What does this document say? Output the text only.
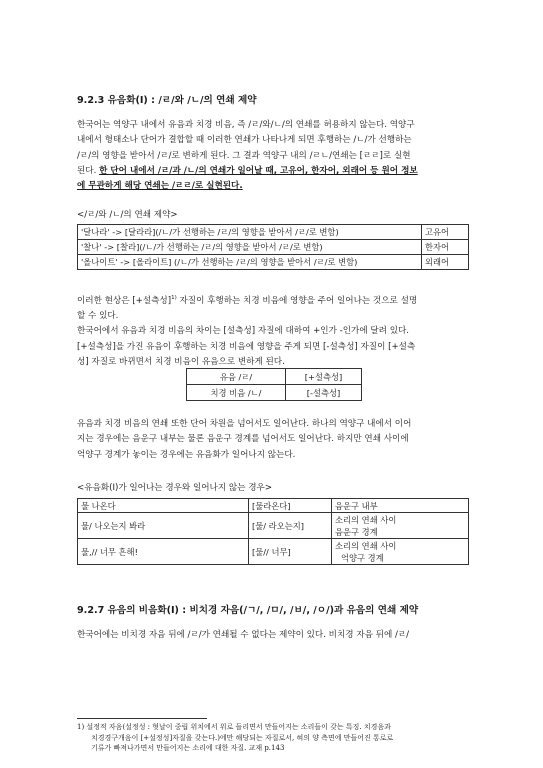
9.2.3 유음화(Ⅰ) : /ㄹ/와 /ㄴ/의 연쇄 제약

한국어는 역양구 내에서 유음과 치경 비음, 즉 /ㄹ/와/ㄴ/의 연쇄를 허용하지 않는다. 역양구
내에서 형태소나 단어가 결합할 때 이러한 연쇄가 나타나게 되면 후행하는 /ㄴ/가 선행하는
/ㄹ/의 영향을 받아서 /ㄹ/로 변하게 된다. 그 결과 역양구 내의 /ㄹㄴ/연쇄는 [ㄹㄹ]로 실현
된다. 한 단어 내에서 /ㄹ/과 /ㄴ/의 연쇄가 일어날 때, 고유어, 한자어, 외래어 등 원어 정보
에 무관하게 해당 연쇄는 /ㄹㄹ/로 실현된다.

</ㄹ/와 /ㄴ/의 연쇄 제약>
'달나라' -> [달라라](/ㄴ/가 선행하는 /ㄹ/의 영향을 받아서 /ㄹ/로 변함)	고유어
'찰나' -> [찰라](/ㄴ/가 선행하는 /ㄹ/의 영향을 받아서 /ㄹ/로 변함)	한자어
'올나이트' -> [올라이트] (/ㄴ/가 선행하는 /ㄹ/의 영향을 받아서 /ㄹ/로 변함)	외래어

이러한 현상은 [+설측성]$^{1)}$ 자질이 후행하는 치경 비음에 영향을 주어 일어나는 것으로 설명
할 수 있다.
한국어에서 유음과 치경 비음의 차이는 [설측성] 자질에 대하여 +인가 -인가에 달려 있다.
[+설측성]을 가진 유음이 후행하는 치경 비음에 영향을 주게 되면 [-설측성] 자질이 [+설측
성] 자질로 바뀌면서 치경 비음이 유음으로 변하게 된다.

유음 /ㄹ/	[+설측성]
치경 비음 /ㄴ/	[-설측성]

유음과 치경 비음의 연쇄 또한 단어 차원을 넘어서도 일어난다. 하나의 역양구 내에서 이어
지는 경우에는 음운구 내부는 물론 음운구 경계를 넘어서도 일어난다. 하지만 연쇄 사이에
억양구 경계가 놓이는 경우에는 유음화가 일어나지 않는다.

<유음화(Ⅰ)가 일어나는 경우와 일어나지 않는 경우>
물 나온다	[물라온다]	음운구 내부
물/ 나오는지 봐라	[물/ 라오는지]	소리의 연쇄 사이
음운구 경계

물,// 너무 흔해!	[물// 너무]	소리의 연쇄 사이
억양구 경계
9.2.7 유음의 비음화(Ⅰ) : 비치경 자음(/ㄱ/, /ㅁ/, /ㅂ/, /ㅇ/)과 유음의 연쇄 제약

한국어에는 비치경 자음 뒤에 /ㄹ/가 연쇄될 수 없다는 제약이 있다. 비치경 자음 뒤에 /ㄹ/

1) 설정적 자음(설정성 : 혓날이 중립 위치에서 위로 들리면서 만들어지는 소리들이 갖는 특징. 치경음과
치경경구개음이 [+설정성]자질을 갖는다.)에만 해당되는 자질로서, 혀의 양 측면에 만들어진 통로로
기류가 빠져나가면서 만들어지는 소리에 대한 자질. 교재 p.143
